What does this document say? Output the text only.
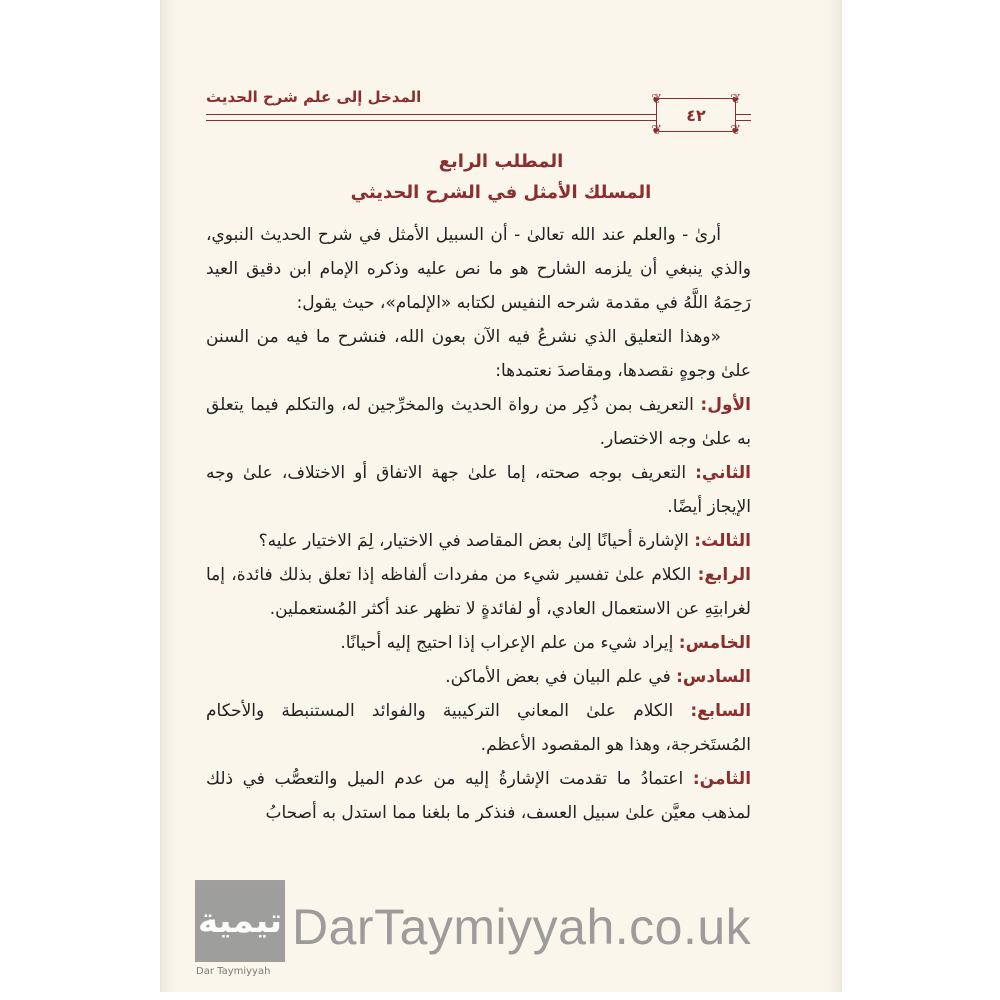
المدخل إلى علم شرح الحديث	❦	❦
❦	❦
٤٢
المطلب الرابع
المسلك الأمثل في الشرح الحديثي

أرىٰ - والعلم عند الله تعالىٰ - أن السبيل الأمثل في شرح الحديث النبوي، والذي ينبغي أن يلزمه الشارح هو ما نص عليه وذكره الإمام ابن دقيق العيد رَحِمَهُ اللَّهُ في مقدمة شرحه النفيس لكتابه «الإلمام»، حيث يقول:

«وهذا التعليق الذي نشرعُ فيه الآن بعون الله، فنشرح ما فيه من السنن علىٰ وجوهٍ نقصدها، ومقاصدَ نعتمدها:

الأول: التعريف بمن ذُكِر من رواة الحديث والمخرِّجين له، والتكلم فيما يتعلق به علىٰ وجه الاختصار.

الثاني: التعريف بوجه صحته، إما علىٰ جهة الاتفاق أو الاختلاف، علىٰ وجه الإيجاز أيضًا.

الثالث: الإشارة أحيانًا إلىٰ بعض المقاصد في الاختيار، لِمَ الاختيار عليه؟

الرابع: الكلام علىٰ تفسير شيء من مفردات ألفاظه إذا تعلق بذلك فائدة، إما لغرابتِهِ عن الاستعمال العادي، أو لفائدةٍ لا تظهر عند أكثر المُستعملين.

الخامس: إيراد شيء من علم الإعراب إذا احتيج إليه أحيانًا.

السادس: في علم البيان في بعض الأماكن.

السابع: الكلام علىٰ المعاني التركيبية والفوائد المستنبطة والأحكام المُستَخرجة، وهذا هو المقصود الأعظم.

الثامن: اعتمادُ ما تقدمت الإشارةُ إليه من عدم الميل والتعصُّب في ذلك لمذهب معيَّن علىٰ سبيل العسف، فنذكر ما بلغنا مما استدل به أصحابُ

تيمية
Dar Taymiyyah
DarTaymiyyah.co.uk
